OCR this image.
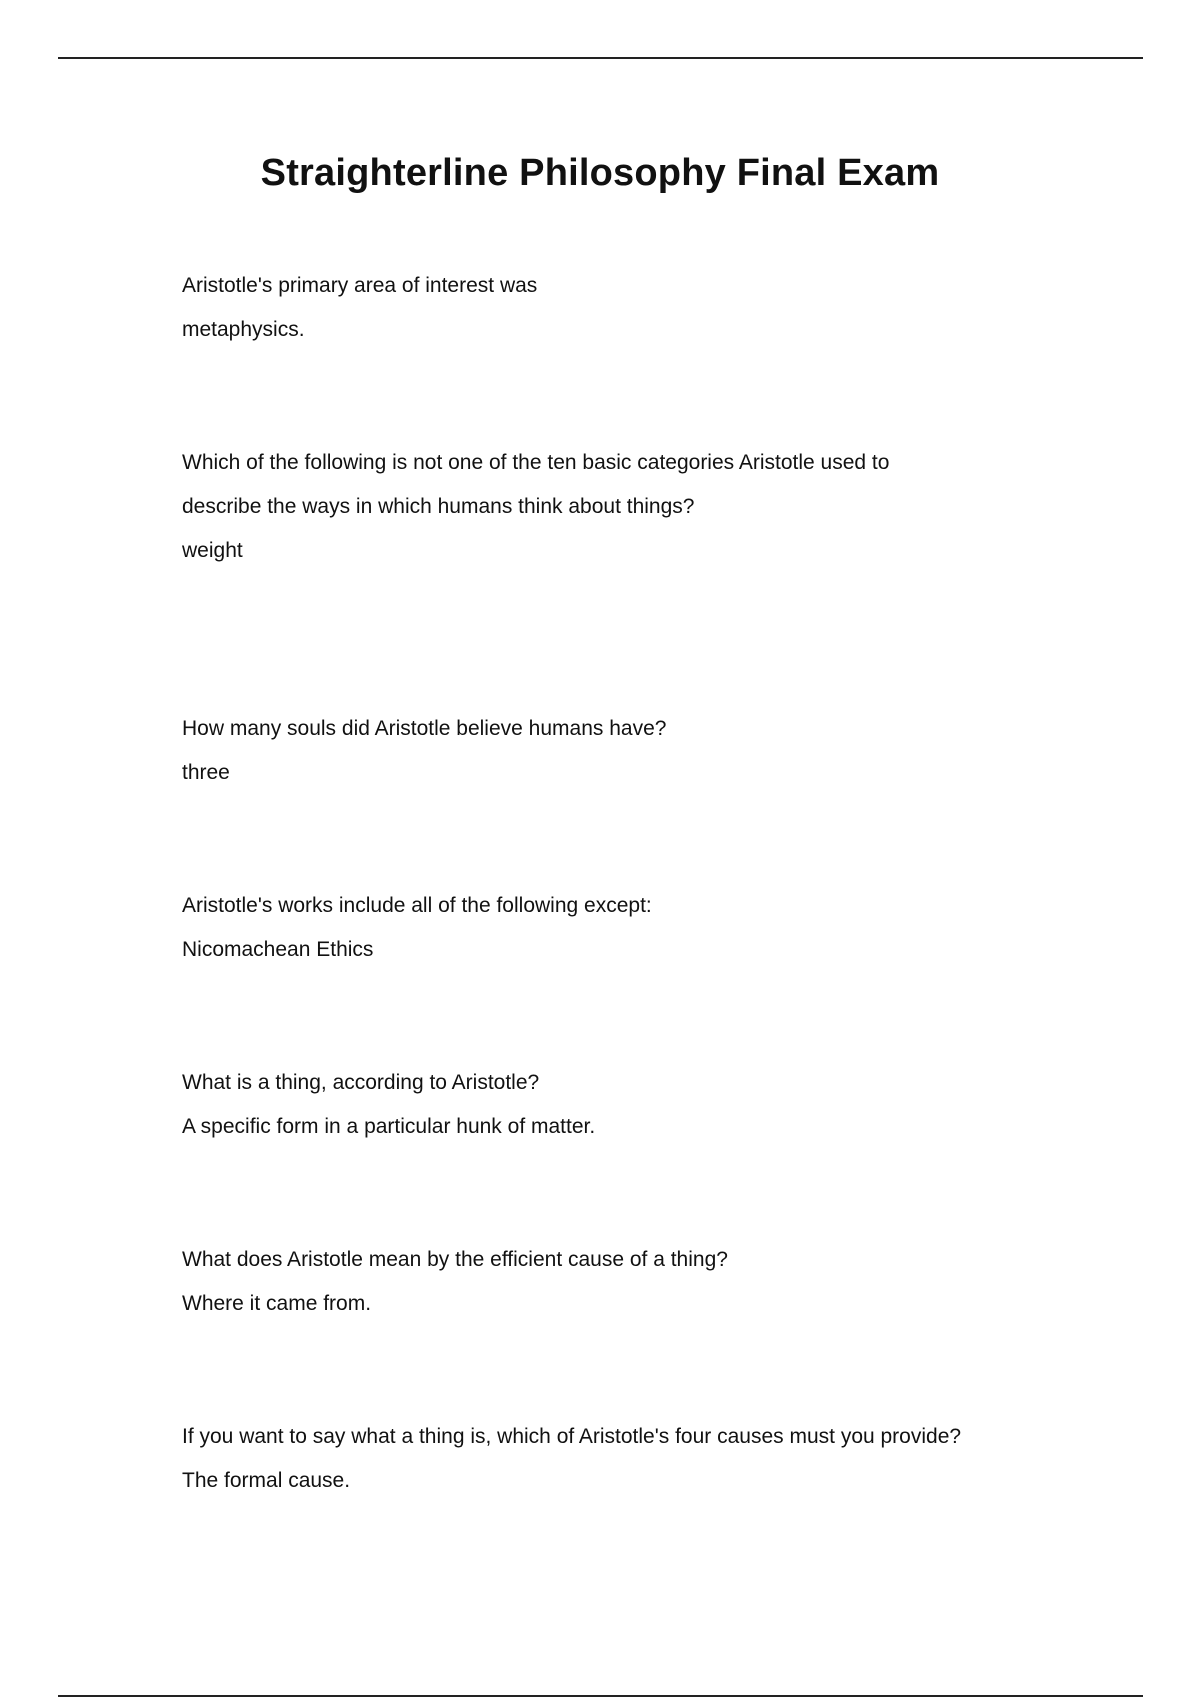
Straighterline Philosophy Final Exam
Aristotle's primary area of interest was
metaphysics.
Which of the following is not one of the ten basic categories Aristotle used to
describe the ways in which humans think about things?
weight
How many souls did Aristotle believe humans have?
three
Aristotle's works include all of the following except:
Nicomachean Ethics
What is a thing, according to Aristotle?
A specific form in a particular hunk of matter.
What does Aristotle mean by the efficient cause of a thing?
Where it came from.
If you want to say what a thing is, which of Aristotle's four causes must you provide?
The formal cause.
